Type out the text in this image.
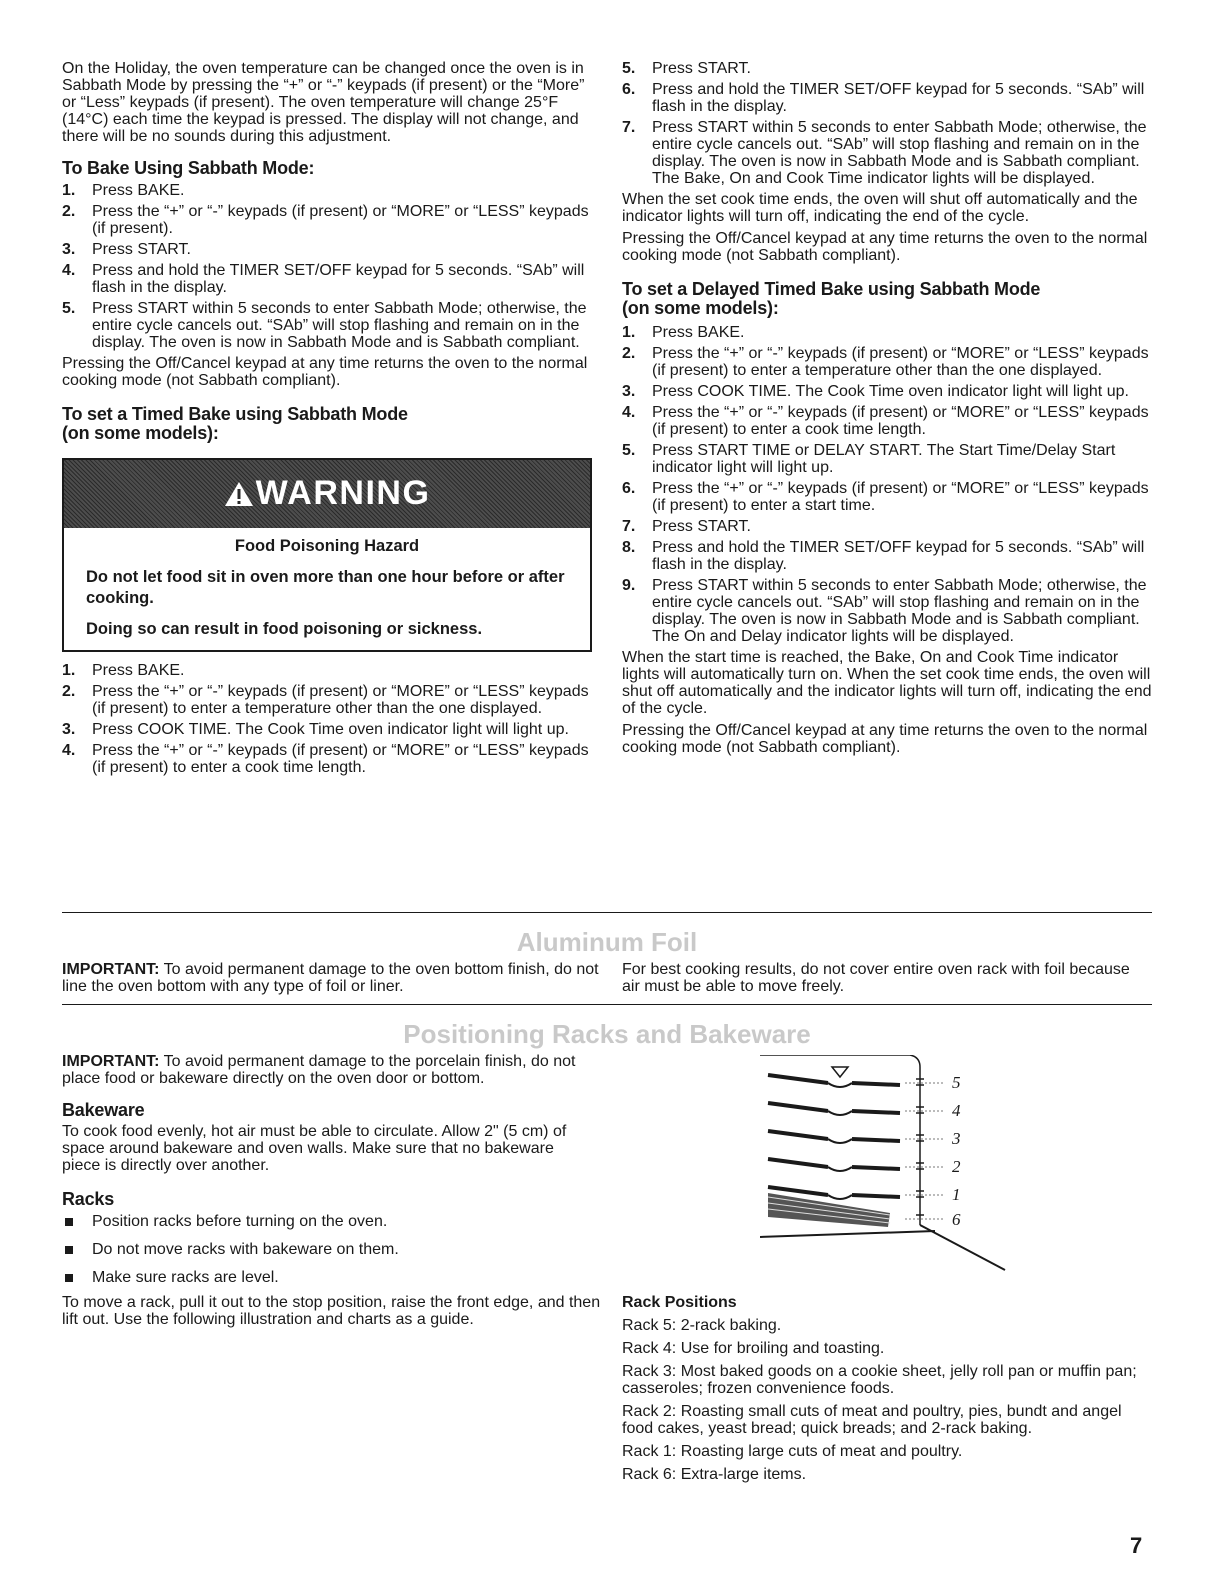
On the Holiday, the oven temperature can be changed once the oven is in Sabbath Mode by pressing the “+” or “-” keypads (if present) or the “More” or “Less” keypads (if present). The oven temperature will change 25°F (14°C) each time the keypad is pressed. The display will not change, and there will be no sounds during this adjustment.

To Bake Using Sabbath Mode:

1. Press BAKE.
2. Press the “+” or “-” keypads (if present) or “MORE” or “LESS” keypads (if present).
3. Press START.
4. Press and hold the TIMER SET/OFF keypad for 5 seconds. “SAb” will flash in the display.
5. Press START within 5 seconds to enter Sabbath Mode; otherwise, the entire cycle cancels out. “SAb” will stop flashing and remain on in the display. The oven is now in Sabbath Mode and is Sabbath compliant.

Pressing the Off/Cancel keypad at any time returns the oven to the normal cooking mode (not Sabbath compliant).

To set a Timed Bake using Sabbath Mode
(on some models):

WARNING

Food Poisoning Hazard

Do not let food sit in oven more than one hour before or after cooking.

Doing so can result in food poisoning or sickness.

1. Press BAKE.
2. Press the “+” or “-” keypads (if present) or “MORE” or “LESS” keypads (if present) to enter a temperature other than the one displayed.
3. Press COOK TIME. The Cook Time oven indicator light will light up.
4. Press the “+” or “-” keypads (if present) or “MORE” or “LESS” keypads (if present) to enter a cook time length.
5. Press START.
6. Press and hold the TIMER SET/OFF keypad for 5 seconds. “SAb” will flash in the display.
7. Press START within 5 seconds to enter Sabbath Mode; otherwise, the entire cycle cancels out. “SAb” will stop flashing and remain on in the display. The oven is now in Sabbath Mode and is Sabbath compliant. The Bake, On and Cook Time indicator lights will be displayed.

When the set cook time ends, the oven will shut off automatically and the indicator lights will turn off, indicating the end of the cycle.

Pressing the Off/Cancel keypad at any time returns the oven to the normal cooking mode (not Sabbath compliant).

To set a Delayed Timed Bake using Sabbath Mode
(on some models):

1. Press BAKE.
2. Press the “+” or “-” keypads (if present) or “MORE” or “LESS” keypads (if present) to enter a temperature other than the one displayed.
3. Press COOK TIME. The Cook Time oven indicator light will light up.
4. Press the “+” or “-” keypads (if present) or “MORE” or “LESS” keypads (if present) to enter a cook time length.
5. Press START TIME or DELAY START. The Start Time/Delay Start indicator light will light up.
6. Press the “+” or “-” keypads (if present) or “MORE” or “LESS” keypads (if present) to enter a start time.
7. Press START.
8. Press and hold the TIMER SET/OFF keypad for 5 seconds. “SAb” will flash in the display.
9. Press START within 5 seconds to enter Sabbath Mode; otherwise, the entire cycle cancels out. “SAb” will stop flashing and remain on in the display. The oven is now in Sabbath Mode and is Sabbath compliant. The On and Delay indicator lights will be displayed.

When the start time is reached, the Bake, On and Cook Time indicator lights will automatically turn on. When the set cook time ends, the oven will shut off automatically and the indicator lights will turn off, indicating the end of the cycle.

Pressing the Off/Cancel keypad at any time returns the oven to the normal cooking mode (not Sabbath compliant).

Aluminum Foil

IMPORTANT: To avoid permanent damage to the oven bottom finish, do not line the oven bottom with any type of foil or liner.

For best cooking results, do not cover entire oven rack with foil because air must be able to move freely.

Positioning Racks and Bakeware

IMPORTANT: To avoid permanent damage to the porcelain finish, do not place food or bakeware directly on the oven door or bottom.

Bakeware

To cook food evenly, hot air must be able to circulate. Allow 2" (5 cm) of space around bakeware and oven walls. Make sure that no bakeware piece is directly over another.

Racks

Position racks before turning on the oven.
Do not move racks with bakeware on them.
Make sure racks are level.

To move a rack, pull it out to the stop position, raise the front edge, and then lift out. Use the following illustration and charts as a guide.

5
4
3
2
1
6

Rack Positions

Rack 5: 2-rack baking.

Rack 4: Use for broiling and toasting.

Rack 3: Most baked goods on a cookie sheet, jelly roll pan or muffin pan; casseroles; frozen convenience foods.

Rack 2: Roasting small cuts of meat and poultry, pies, bundt and angel food cakes, yeast bread; quick breads; and 2-rack baking.

Rack 1: Roasting large cuts of meat and poultry.

Rack 6: Extra-large items.

7
